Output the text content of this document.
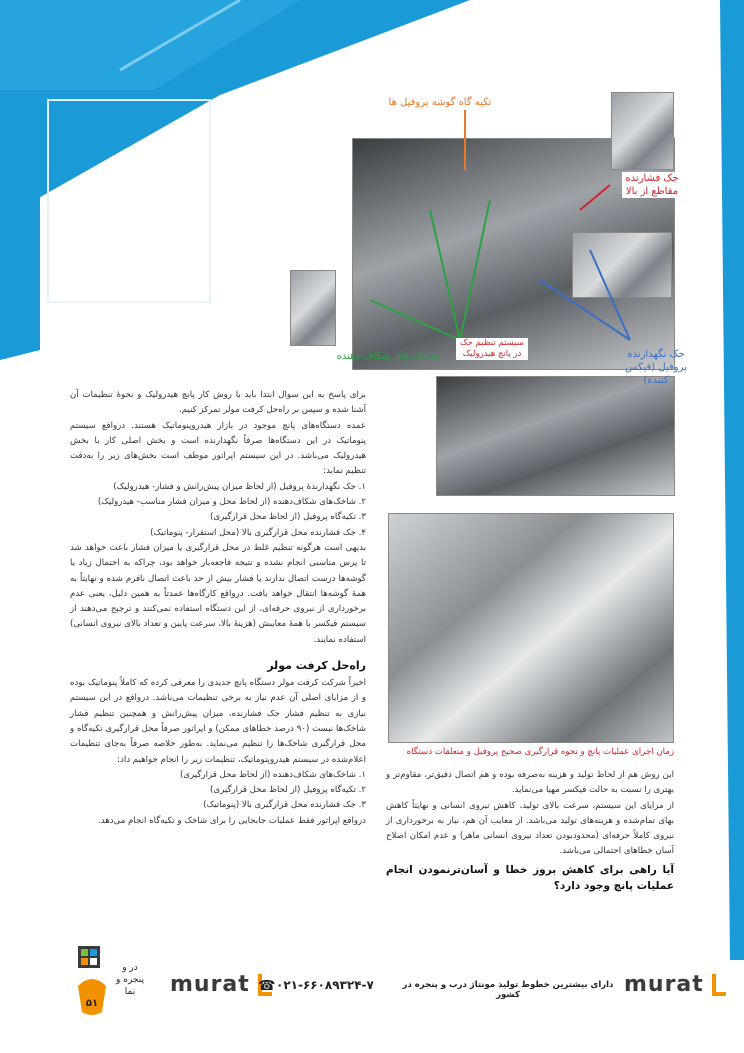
تکیه گاه گوشه پروفیل ها
جک فشارنده مقاطع از بالا
جک نگهدارنده پروفیل (فیکس کننده)
سیستم تنظیم جک در پانچ هیدرولیک
شاخک های شکاف دهنده

برای پاسخ به این سوال ابتدا باید با روش کار پانچ هیدرولیک و نحوهٔ تنظیمات آن آشنا شده و سپس بر راه‌حل کرفت مولر تمرکز کنیم.

عمده دستگاه‌های پانچ موجود در بازار هیدروپنوماتیک هستند. درواقع سیستم پنوماتیک در این دستگاه‌ها صرفاً نگهدارنده است و بخش اصلی کار با بخش هیدرولیک می‌باشد. در این سیستم اپراتور موظف است بخش‌های زیر را به‌دقت تنظیم نماید:

۱. جک نگهدارندهٔ پروفیل (از لحاظ میزان پیش‌رانش و فشار- هیدرولیک)

۲. شاخک‌های شکاف‌دهنده (از لحاظ محل و میزان فشار مناسب- هیدرولیک)

۳. تکیه‌گاه پروفیل (از لحاظ محل قرارگیری)

۴. جک فشارنده محل قرارگیری بالا (محل استقرار- پنوماتیک)

بدیهی است هرگونه تنظیم غلط در محل قرارگیری یا میزان فشار باعث خواهد شد تا پرس مناسبی انجام نشده و نتیجه فاجعه‌بار خواهد بود، چراکه به احتمال زیاد یا گوشه‌ها درست اتصال ندارند یا فشار بیش از حد باعث اتصال نافرم شده و نهایتاً به همهٔ گوشه‌ها انتقال خواهد یافت. درواقع کارگاه‌ها عمدتاً به همین دلیل، یعنی عدم برخورداری از نیروی حرفه‌ای، از این دستگاه استفاده نمی‌کنند و ترجیح می‌دهند از سیستم فیکسر با همهٔ معایبش (هزینهٔ بالا، سرعت پایین و تعداد بالای نیروی انسانی) استفاده نمایند.

راه‌حل کرفت مولر

اخیراً شرکت کرفت مولر دستگاه پانچ جدیدی را معرفی کرده که کاملاً پنوماتیک بوده و از مزایای اصلی آن عدم نیاز به برخی تنظیمات می‌باشد. درواقع در این سیستم نیازی به تنظیم فشار جک فشارنده، میزان پیش‌رانش و همچنین تنظیم فشار شاخک‌ها نیست (۹۰ درصد خطاهای ممکن) و اپراتور صرفاً محل قرارگیری تکیه‌گاه و محل قرارگیری شاخک‌ها را تنظیم می‌نماید. به‌طور خلاصه صرفاً به‌جای تنظیمات اعلام‌شده در سیستم هیدروپنوماتیک، تنظیمات زیر را انجام خواهیم داد:

۱. شاخک‌های شکاف‌دهنده (از لحاظ محل قرارگیری)

۲. تکیه‌گاه پروفیل (از لحاظ محل قرارگیری)

۳. جک فشارنده محل قرارگیری بالا (پنوماتیک)

درواقع اپراتور فقط عملیات جابجایی را برای شاخک و تکیه‌گاه انجام می‌دهد.

زمان اجرای عملیات پانچ و نحوه قرارگیری صحیح پروفیل و متعلقات دستگاه

این روش هم از لحاظ تولید و هزینه به‌صرفه بوده و هم اتصال دقیق‌تر، مقاوم‌تر و بهتری را نسبت به حالت فیکسر مهیا می‌نماید.

از مزایای این سیستم، سرعت بالای تولید، کاهش نیروی انسانی و نهایتاً کاهش بهای تمام‌شده و هزینه‌های تولید می‌باشد. از معایب آن هم، نیاز به برخورداری از نیروی کاملاً حرفه‌ای (محدودبودن تعداد نیروی انسانی ماهر) و عدم امکان اصلاح آسان خطاهای احتمالی می‌باشد.

آیا راهی برای کاهش بروز خطا و آسان‌ترنمودن انجام عملیات پانچ وجود دارد؟

۵۱
در و پنجره و نما	murat ☎ ۰۲۱-۶۶۰۸۹۳۲۴-۷	دارای بیشترین خطوط تولید مونتاژ درب و پنجره در کشور	murat
